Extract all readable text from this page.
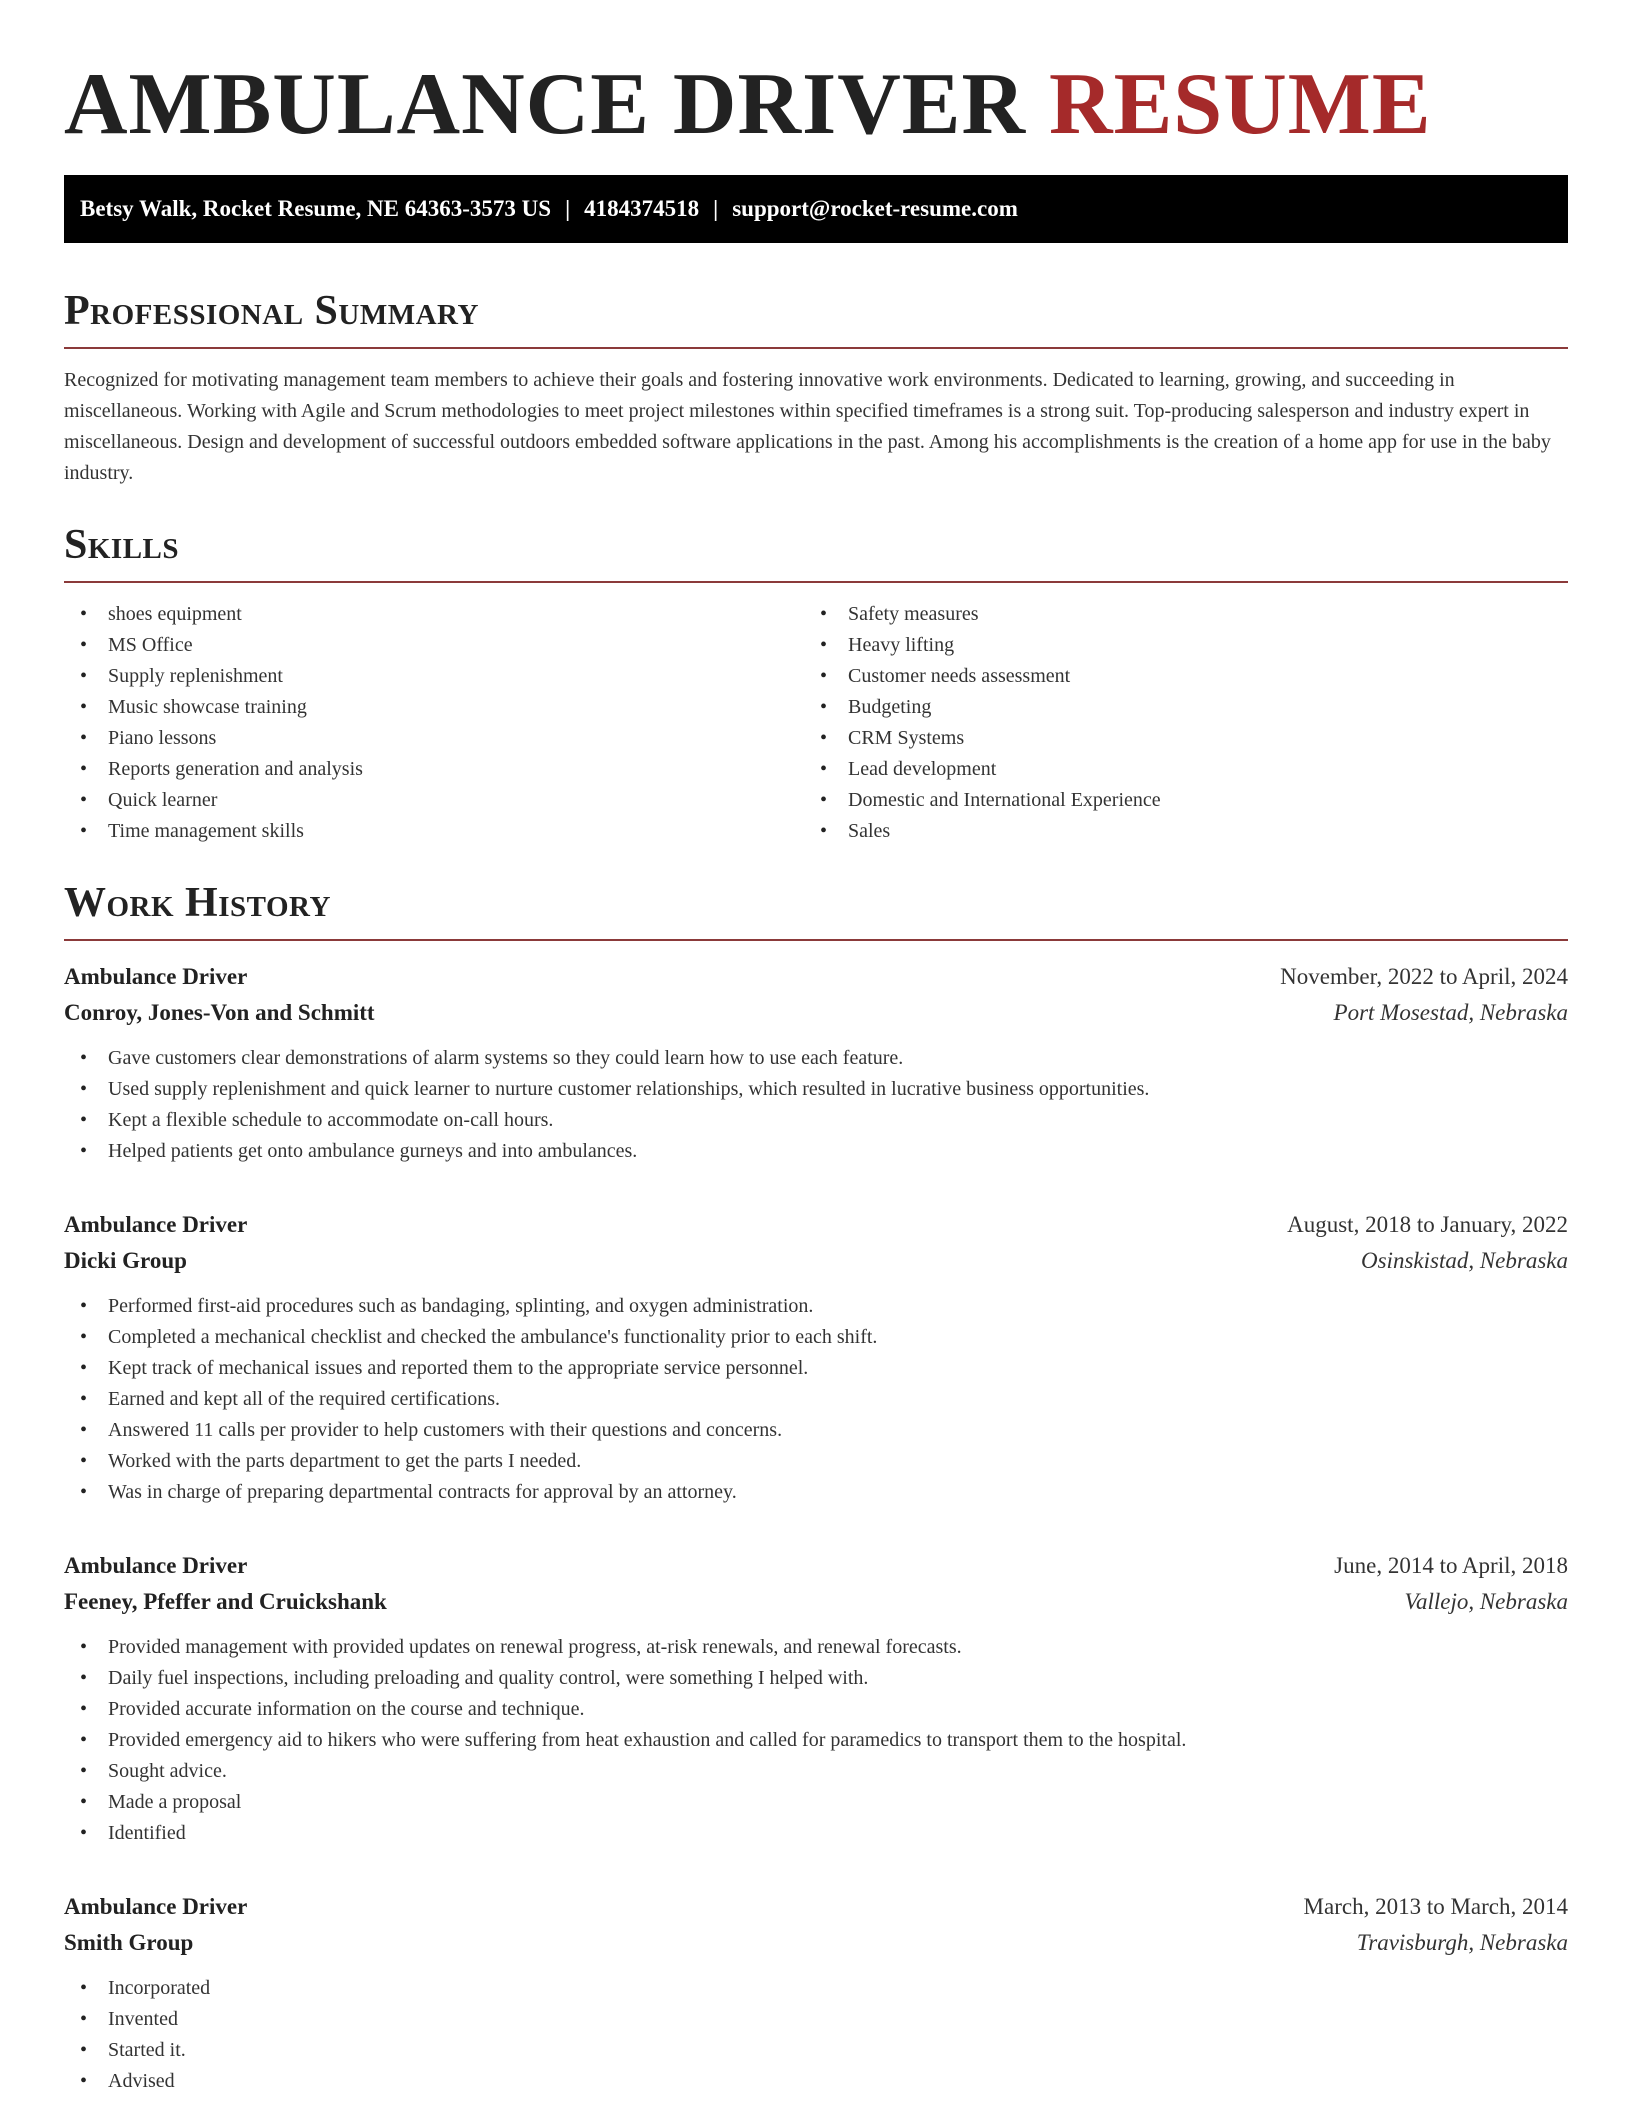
AMBULANCE DRIVER RESUME
Betsy Walk, Rocket Resume, NE 64363-3573 US | 4184374518 | support@rocket-resume.com
Professional Summary

Recognized for motivating management team members to achieve their goals and fostering innovative work environments. Dedicated to learning, growing, and succeeding in miscellaneous. Working with Agile and Scrum methodologies to meet project milestones within specified timeframes is a strong suit. Top-producing salesperson and industry expert in miscellaneous. Design and development of successful outdoors embedded software applications in the past. Among his accomplishments is the creation of a home app for use in the baby industry.

Skills
• shoes equipment
• MS Office
• Supply replenishment
• Music showcase training
• Piano lessons
• Reports generation and analysis
• Quick learner
• Time management skills
• Safety measures
• Heavy lifting
• Customer needs assessment
• Budgeting
• CRM Systems
• Lead development
• Domestic and International Experience
• Sales
Work History
Ambulance Driver	November, 2022 to April, 2024
Conroy, Jones-Von and Schmitt	Port Mosestad, Nebraska
• Gave customers clear demonstrations of alarm systems so they could learn how to use each feature.
• Used supply replenishment and quick learner to nurture customer relationships, which resulted in lucrative business opportunities.
• Kept a flexible schedule to accommodate on-call hours.
• Helped patients get onto ambulance gurneys and into ambulances.
Ambulance Driver	August, 2018 to January, 2022
Dicki Group	Osinskistad, Nebraska
• Performed first-aid procedures such as bandaging, splinting, and oxygen administration.
• Completed a mechanical checklist and checked the ambulance's functionality prior to each shift.
• Kept track of mechanical issues and reported them to the appropriate service personnel.
• Earned and kept all of the required certifications.
• Answered 11 calls per provider to help customers with their questions and concerns.
• Worked with the parts department to get the parts I needed.
• Was in charge of preparing departmental contracts for approval by an attorney.
Ambulance Driver	June, 2014 to April, 2018
Feeney, Pfeffer and Cruickshank	Vallejo, Nebraska
• Provided management with provided updates on renewal progress, at-risk renewals, and renewal forecasts.
• Daily fuel inspections, including preloading and quality control, were something I helped with.
• Provided accurate information on the course and technique.
• Provided emergency aid to hikers who were suffering from heat exhaustion and called for paramedics to transport them to the hospital.
• Sought advice.
• Made a proposal
• Identified
Ambulance Driver	March, 2013 to March, 2014
Smith Group	Travisburgh, Nebraska
• Incorporated
• Invented
• Started it.
• Advised
